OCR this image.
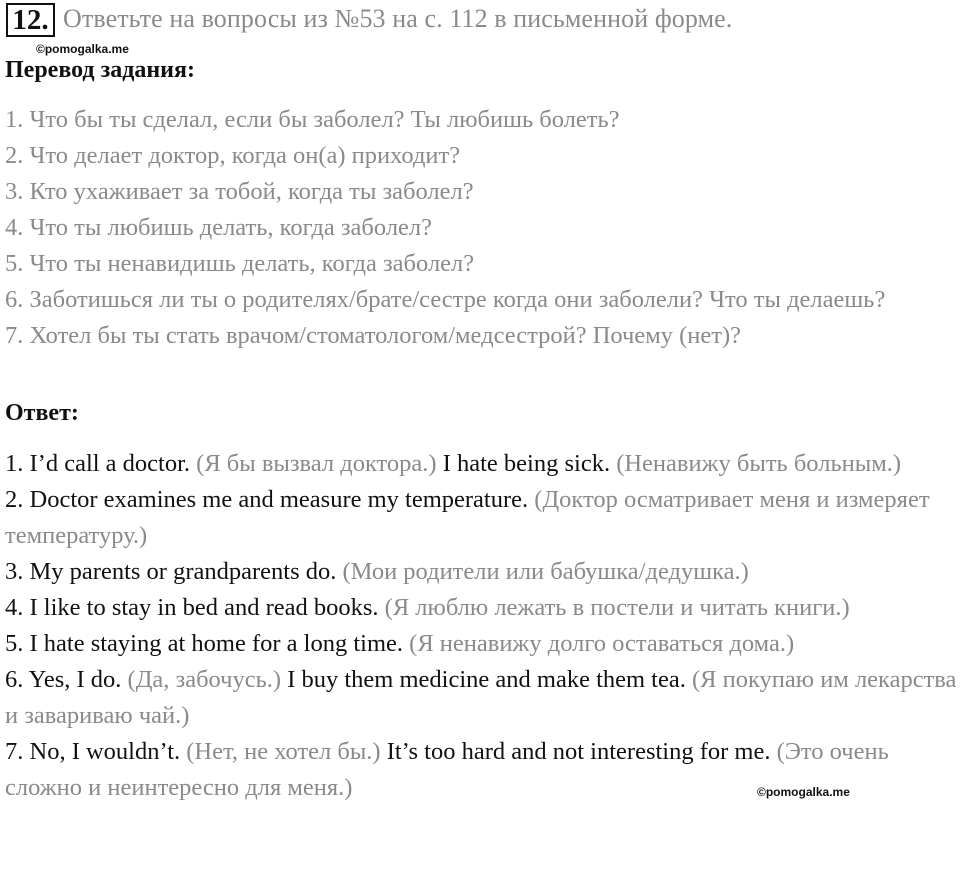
12. Ответьте на вопросы из №53 на с. 112 в письменной форме.
©pomogalka.me
Перевод задания:
1. Что бы ты сделал, если бы заболел? Ты любишь болеть?
2. Что делает доктор, когда он(а) приходит?
3. Кто ухаживает за тобой, когда ты заболел?
4. Что ты любишь делать, когда заболел?
5. Что ты ненавидишь делать, когда заболел?
6. Заботишься ли ты о родителях/брате/сестре когда они заболели? Что ты делаешь?
7. Хотел бы ты стать врачом/стоматологом/медсестрой? Почему (нет)?
Ответ:
1. I’d call a doctor. (Я бы вызвал доктора.) I hate being sick. (Ненавижу быть больным.)
2. Doctor examines me and measure my temperature. (Доктор осматривает меня и измеряет температуру.)
3. My parents or grandparents do. (Мои родители или бабушка/дедушка.)
4. I like to stay in bed and read books. (Я люблю лежать в постели и читать книги.)
5. I hate staying at home for a long time. (Я ненавижу долго оставаться дома.)
6. Yes, I do. (Да, забочусь.) I buy them medicine and make them tea. (Я покупаю им лекарства и завариваю чай.)
7. No, I wouldn’t. (Нет, не хотел бы.) It’s too hard and not interesting for me. (Это очень сложно и неинтересно для меня.)	©pomogalka.me
